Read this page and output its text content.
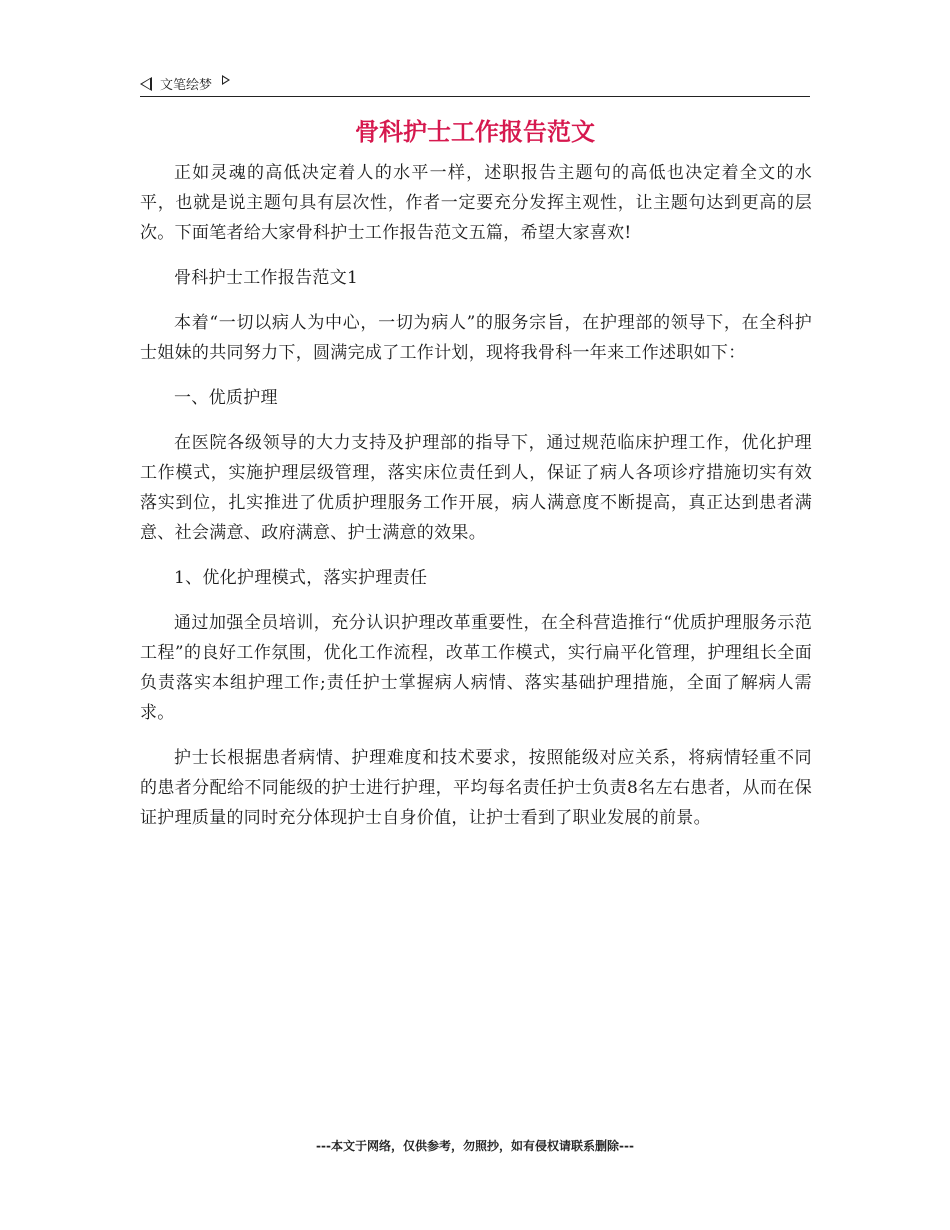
文笔绘梦
骨科护士工作报告范文

正如灵魂的高低决定着人的水平一样，述职报告主题句的高低也决定着全文的水平，也就是说主题句具有层次性，作者一定要充分发挥主观性，让主题句达到更高的层次。下面笔者给大家骨科护士工作报告范文五篇，希望大家喜欢!

骨科护士工作报告范文1

本着“一切以病人为中心，一切为病人”的服务宗旨，在护理部的领导下，在全科护士姐妹的共同努力下，圆满完成了工作计划，现将我骨科一年来工作述职如下：

一、优质护理

在医院各级领导的大力支持及护理部的指导下，通过规范临床护理工作，优化护理工作模式，实施护理层级管理，落实床位责任到人，保证了病人各项诊疗措施切实有效落实到位，扎实推进了优质护理服务工作开展，病人满意度不断提高，真正达到患者满意、社会满意、政府满意、护士满意的效果。

1、优化护理模式，落实护理责任

通过加强全员培训，充分认识护理改革重要性，在全科营造推行“优质护理服务示范工程”的良好工作氛围，优化工作流程，改革工作模式，实行扁平化管理，护理组长全面负责落实本组护理工作;责任护士掌握病人病情、落实基础护理措施，全面了解病人需求。

护士长根据患者病情、护理难度和技术要求，按照能级对应关系，将病情轻重不同的患者分配给不同能级的护士进行护理，平均每名责任护士负责8名左右患者，从而在保证护理质量的同时充分体现护士自身价值，让护士看到了职业发展的前景。

---本文于网络，仅供参考，勿照抄，如有侵权请联系删除---
